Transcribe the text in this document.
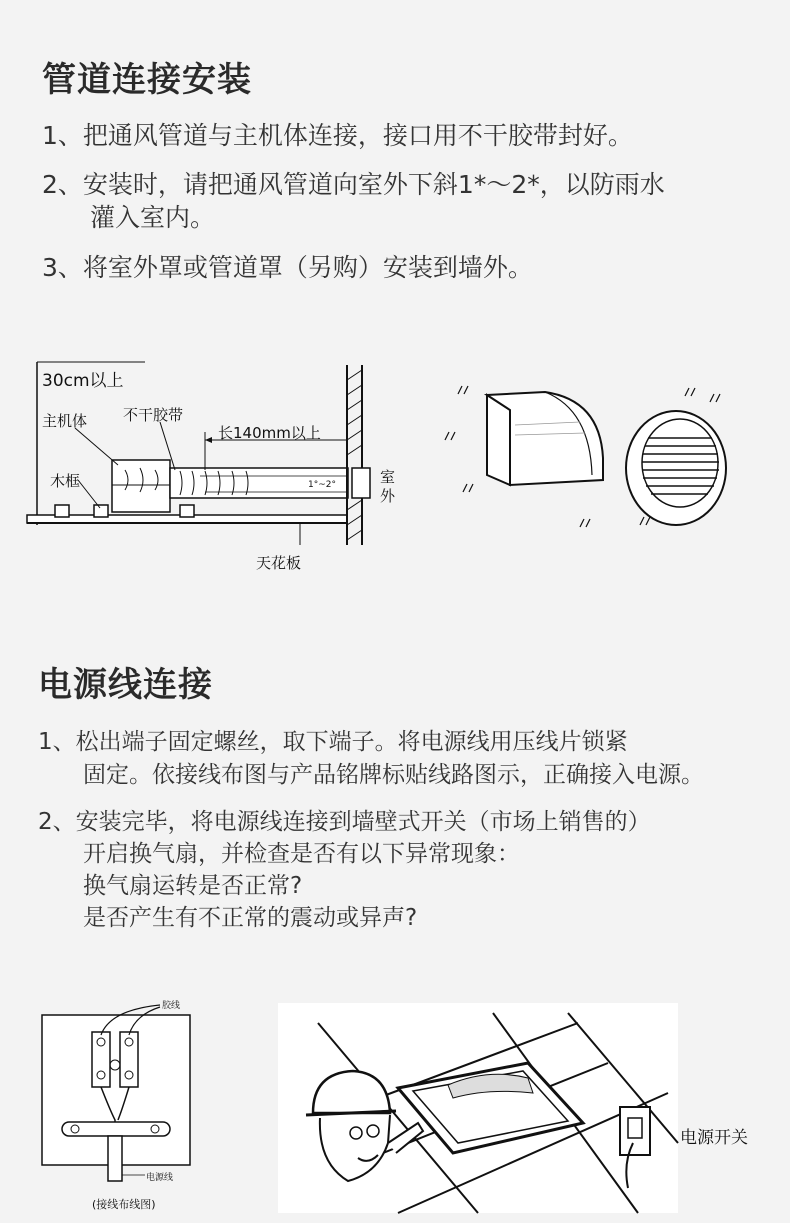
管道连接安装
1、把通风管道与主机体连接，接口用不干胶带封好。
2、安装时，请把通风管道向室外下斜1*～2*，以防雨水
灌入室内。
3、将室外罩或管道罩（另购）安装到墙外。
30cm以上
主机体 不干胶带
长140mm以上
木框	1°~2°	室
外
天花板
电源线连接
1、松出端子固定螺丝，取下端子。将电源线用压线片锁紧
固定。依接线布图与产品铭牌标贴线路图示，正确接入电源。
2、安装完毕，将电源线连接到墙壁式开关（市场上销售的）
开启换气扇，并检查是否有以下异常现象：
换气扇运转是否正常?
是否产生有不正常的震动或异声?
胶线
电源线
(接线布线图)
电源开关
